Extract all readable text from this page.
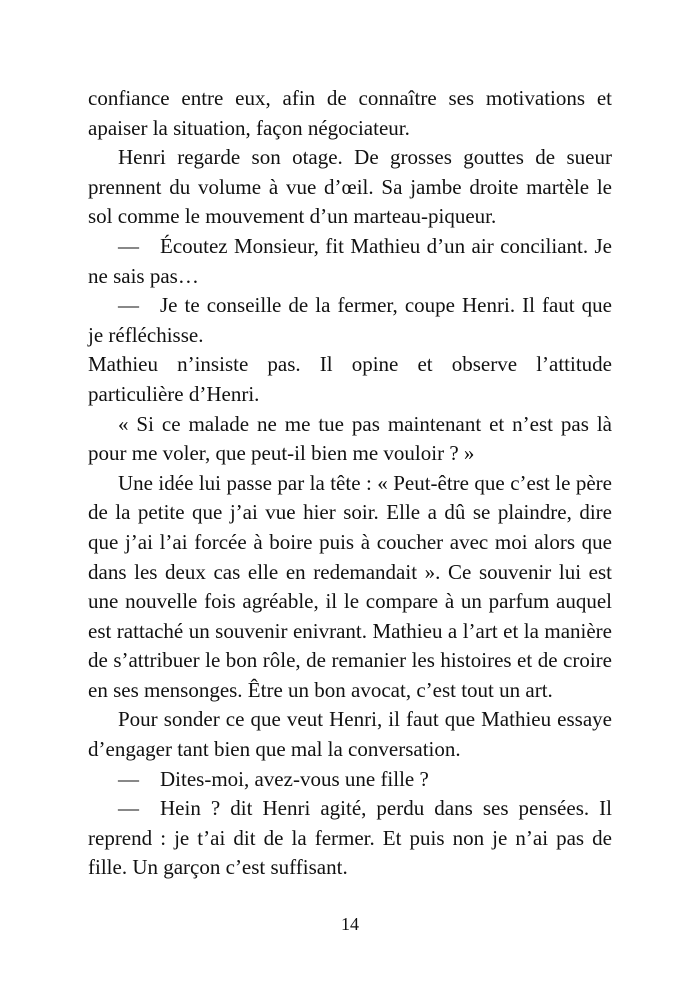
confiance entre eux, afin de connaître ses motivations et apaiser la situation, façon négociateur.

Henri regarde son otage. De grosses gouttes de sueur prennent du volume à vue d’œil. Sa jambe droite martèle le sol comme le mouvement d’un marteau-piqueur.

— Écoutez Monsieur, fit Mathieu d’un air conciliant. Je ne sais pas…

— Je te conseille de la fermer, coupe Henri. Il faut que je réfléchisse.

Mathieu n’insiste pas. Il opine et observe l’attitude particulière d’Henri.

« Si ce malade ne me tue pas maintenant et n’est pas là pour me voler, que peut-il bien me vouloir ? »

Une idée lui passe par la tête : « Peut-être que c’est le père de la petite que j’ai vue hier soir. Elle a dû se plaindre, dire que j’ai l’ai forcée à boire puis à coucher avec moi alors que dans les deux cas elle en redemandait ». Ce souvenir lui est une nouvelle fois agréable, il le compare à un parfum auquel est rattaché un souvenir enivrant. Mathieu a l’art et la manière de s’attribuer le bon rôle, de remanier les histoires et de croire en ses mensonges. Être un bon avocat, c’est tout un art.

Pour sonder ce que veut Henri, il faut que Mathieu essaye d’engager tant bien que mal la conversation.

— Dites-moi, avez-vous une fille ?

— Hein ? dit Henri agité, perdu dans ses pensées. Il reprend : je t’ai dit de la fermer. Et puis non je n’ai pas de fille. Un garçon c’est suffisant.

14
